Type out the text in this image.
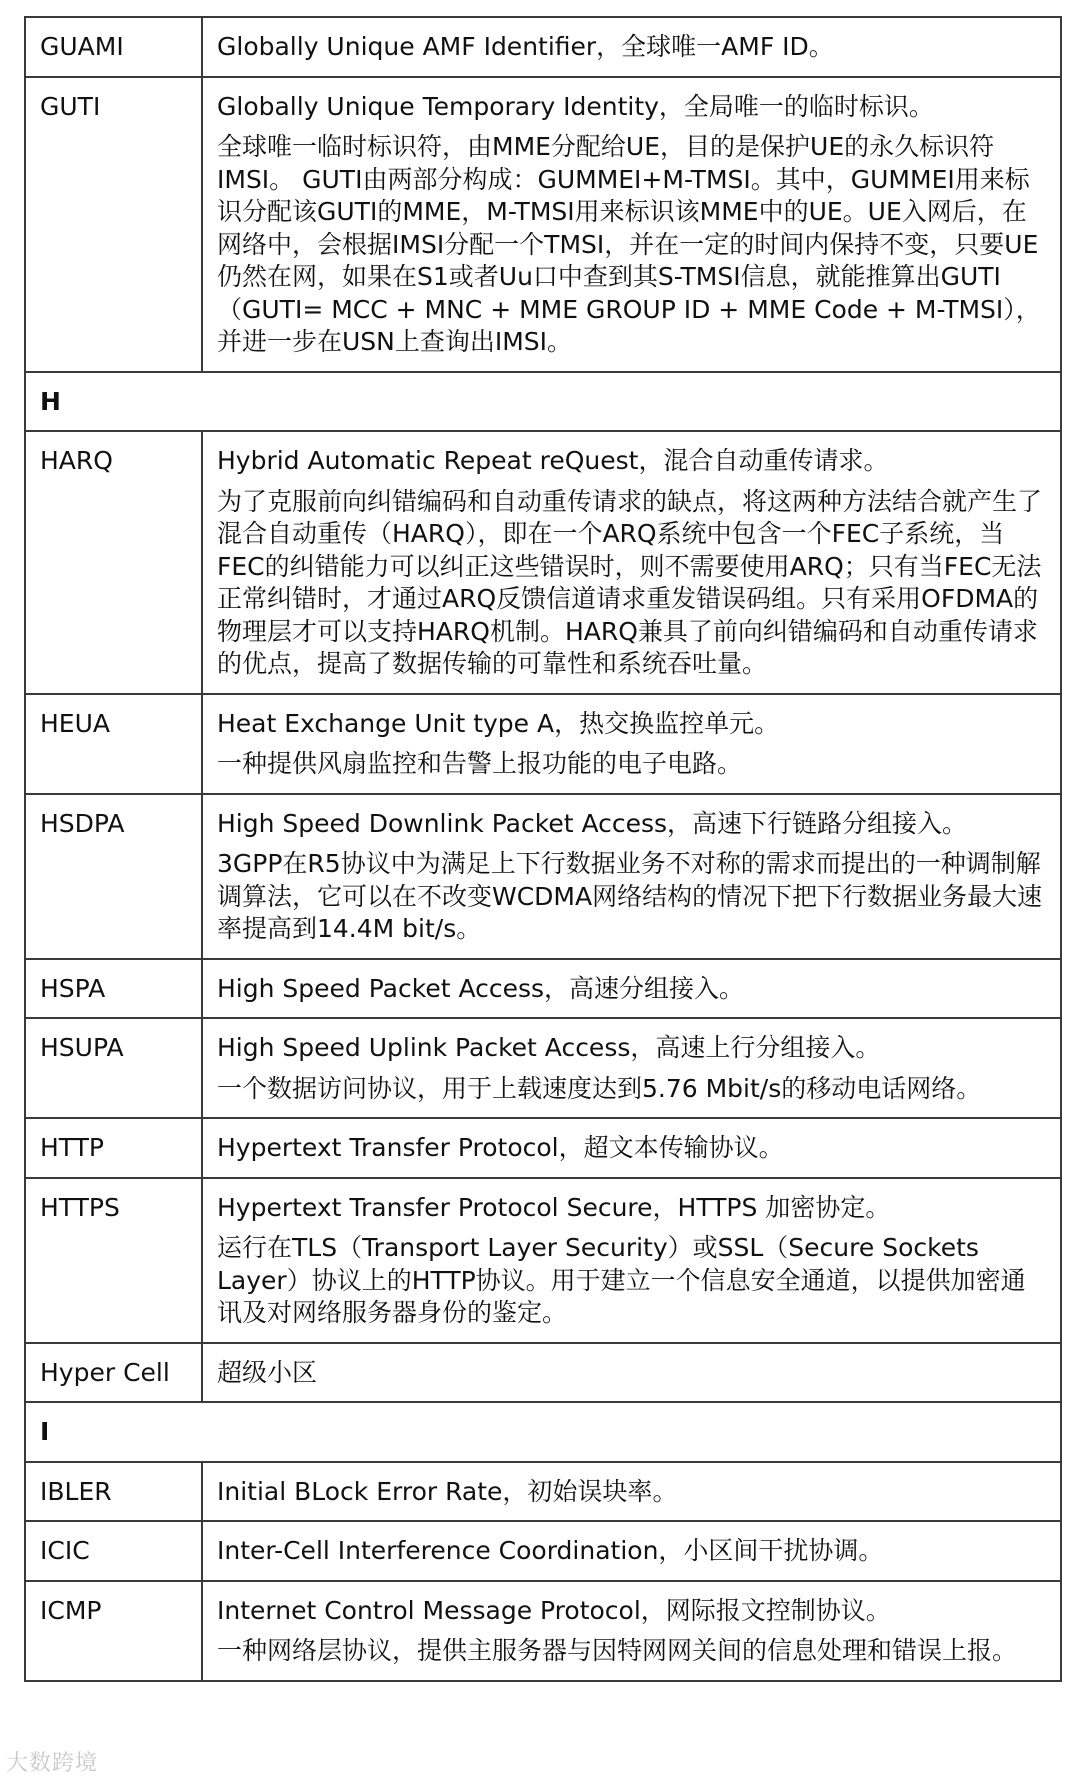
GUAMI	Globally Unique AMF Identifier，全球唯一AMF ID。

GUTI	Globally Unique Temporary Identity，全局唯一的临时标识。
全球唯一临时标识符，由MME分配给UE，目的是保护UE的永久标识符IMSI。 GUTI由两部分构成：GUMMEI+M-TMSI。其中，GUMMEI用来标识分配该GUTI的MME，M-TMSI用来标识该MME中的UE。UE入网后，在网络中，会根据IMSI分配一个TMSI，并在一定的时间内保持不变，只要UE仍然在网，如果在S1或者Uu口中查到其S-TMSI信息，就能推算出GUTI（GUTI= MCC + MNC + MME GROUP ID + MME Code + M-TMSI），并进一步在USN上查询出IMSI。

H	
HARQ	Hybrid Automatic Repeat reQuest，混合自动重传请求。
为了克服前向纠错编码和自动重传请求的缺点，将这两种方法结合就产生了混合自动重传（HARQ），即在一个ARQ系统中包含一个FEC子系统，当FEC的纠错能力可以纠正这些错误时，则不需要使用ARQ；只有当FEC无法正常纠错时，才通过ARQ反馈信道请求重发错误码组。只有采用OFDMA的物理层才可以支持HARQ机制。HARQ兼具了前向纠错编码和自动重传请求的优点，提高了数据传输的可靠性和系统吞吐量。

HEUA	Heat Exchange Unit type A，热交换监控单元。
一种提供风扇监控和告警上报功能的电子电路。

HSDPA	High Speed Downlink Packet Access，高速下行链路分组接入。
3GPP在R5协议中为满足上下行数据业务不对称的需求而提出的一种调制解调算法，它可以在不改变WCDMA网络结构的情况下把下行数据业务最大速率提高到14.4M bit/s。

HSPA	High Speed Packet Access，高速分组接入。

HSUPA	High Speed Uplink Packet Access，高速上行分组接入。
一个数据访问协议，用于上载速度达到5.76 Mbit/s的移动电话网络。

HTTP	Hypertext Transfer Protocol，超文本传输协议。

HTTPS	Hypertext Transfer Protocol Secure，HTTPS 加密协定。
运行在TLS（Transport Layer Security）或SSL（Secure Sockets Layer）协议上的HTTP协议。用于建立一个信息安全通道，以提供加密通讯及对网络服务器身份的鉴定。

Hyper Cell	超级小区

I	
IBLER	Initial BLock Error Rate，初始误块率。

ICIC	Inter-Cell Interference Coordination，小区间干扰协调。

ICMP	Internet Control Message Protocol，网际报文控制协议。
一种网络层协议，提供主服务器与因特网网关间的信息处理和错误上报。
大数跨境
